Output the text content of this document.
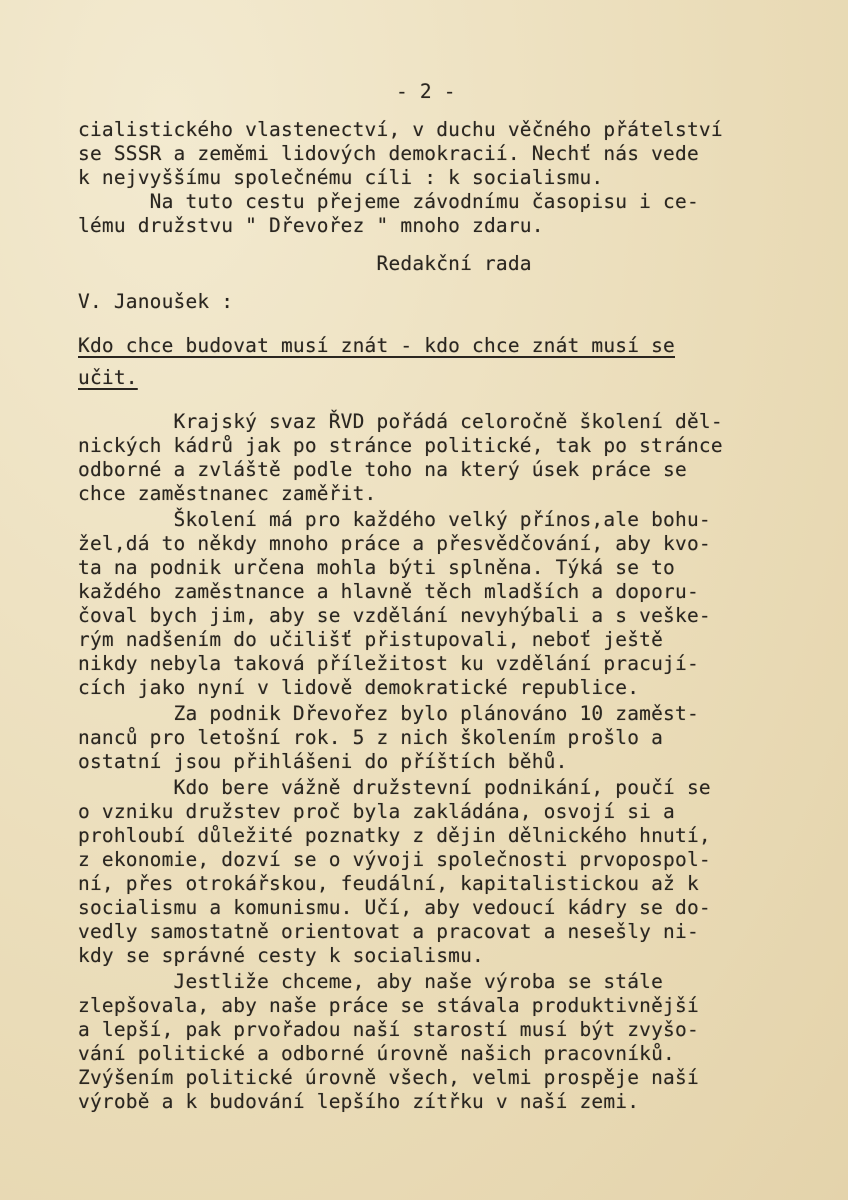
- 2 -
cialistického vlastenectví, v duchu věčného přátelství
se SSSR a zeměmi lidových demokracií. Nechť nás vede
k nejvyššímu společnému cíli : k socialismu.
Na tuto cestu přejeme závodnímu časopisu i ce-
lému družstvu " Dřevořez " mnoho zdaru.
Redakční rada
V. Janoušek :
Kdo chce budovat musí znát - kdo chce znát musí se
učit.
Krajský svaz ŘVD pořádá celoročně školení děl-
nických kádrů jak po stránce politické, tak po stránce
odborné a zvláště podle toho na který úsek práce se
chce zaměstnanec zaměřit.
Školení má pro každého velký přínos,ale bohu-
žel,dá to někdy mnoho práce a přesvědčování, aby kvo-
ta na podnik určena mohla býti splněna. Týká se to
každého zaměstnance a hlavně těch mladších a doporu-
čoval bych jim, aby se vzdělání nevyhýbali a s veške-
rým nadšením do učilišť přistupovali, neboť ještě
nikdy nebyla taková příležitost ku vzdělání pracují-
cích jako nyní v lidově demokratické republice.
Za podnik Dřevořez bylo plánováno 10 zaměst-
nanců pro letošní rok. 5 z nich školením prošlo a
ostatní jsou přihlášeni do příštích běhů.
Kdo bere vážně družstevní podnikání, poučí se
o vzniku družstev proč byla zakládána, osvojí si a
prohloubí důležité poznatky z dějin dělnického hnutí,
z ekonomie, dozví se o vývoji společnosti prvopospol-
ní, přes otrokářskou, feudální, kapitalistickou až k
socialismu a komunismu. Učí, aby vedoucí kádry se do-
vedly samostatně orientovat a pracovat a nesešly ni-
kdy se správné cesty k socialismu.
Jestliže chceme, aby naše výroba se stále
zlepšovala, aby naše práce se stávala produktivnější
a lepší, pak prvořadou naší starostí musí být zvyšo-
vání politické a odborné úrovně našich pracovníků.
Zvýšením politické úrovně všech, velmi prospěje naší
výrobě a k budování lepšího zítřku v naší zemi.
